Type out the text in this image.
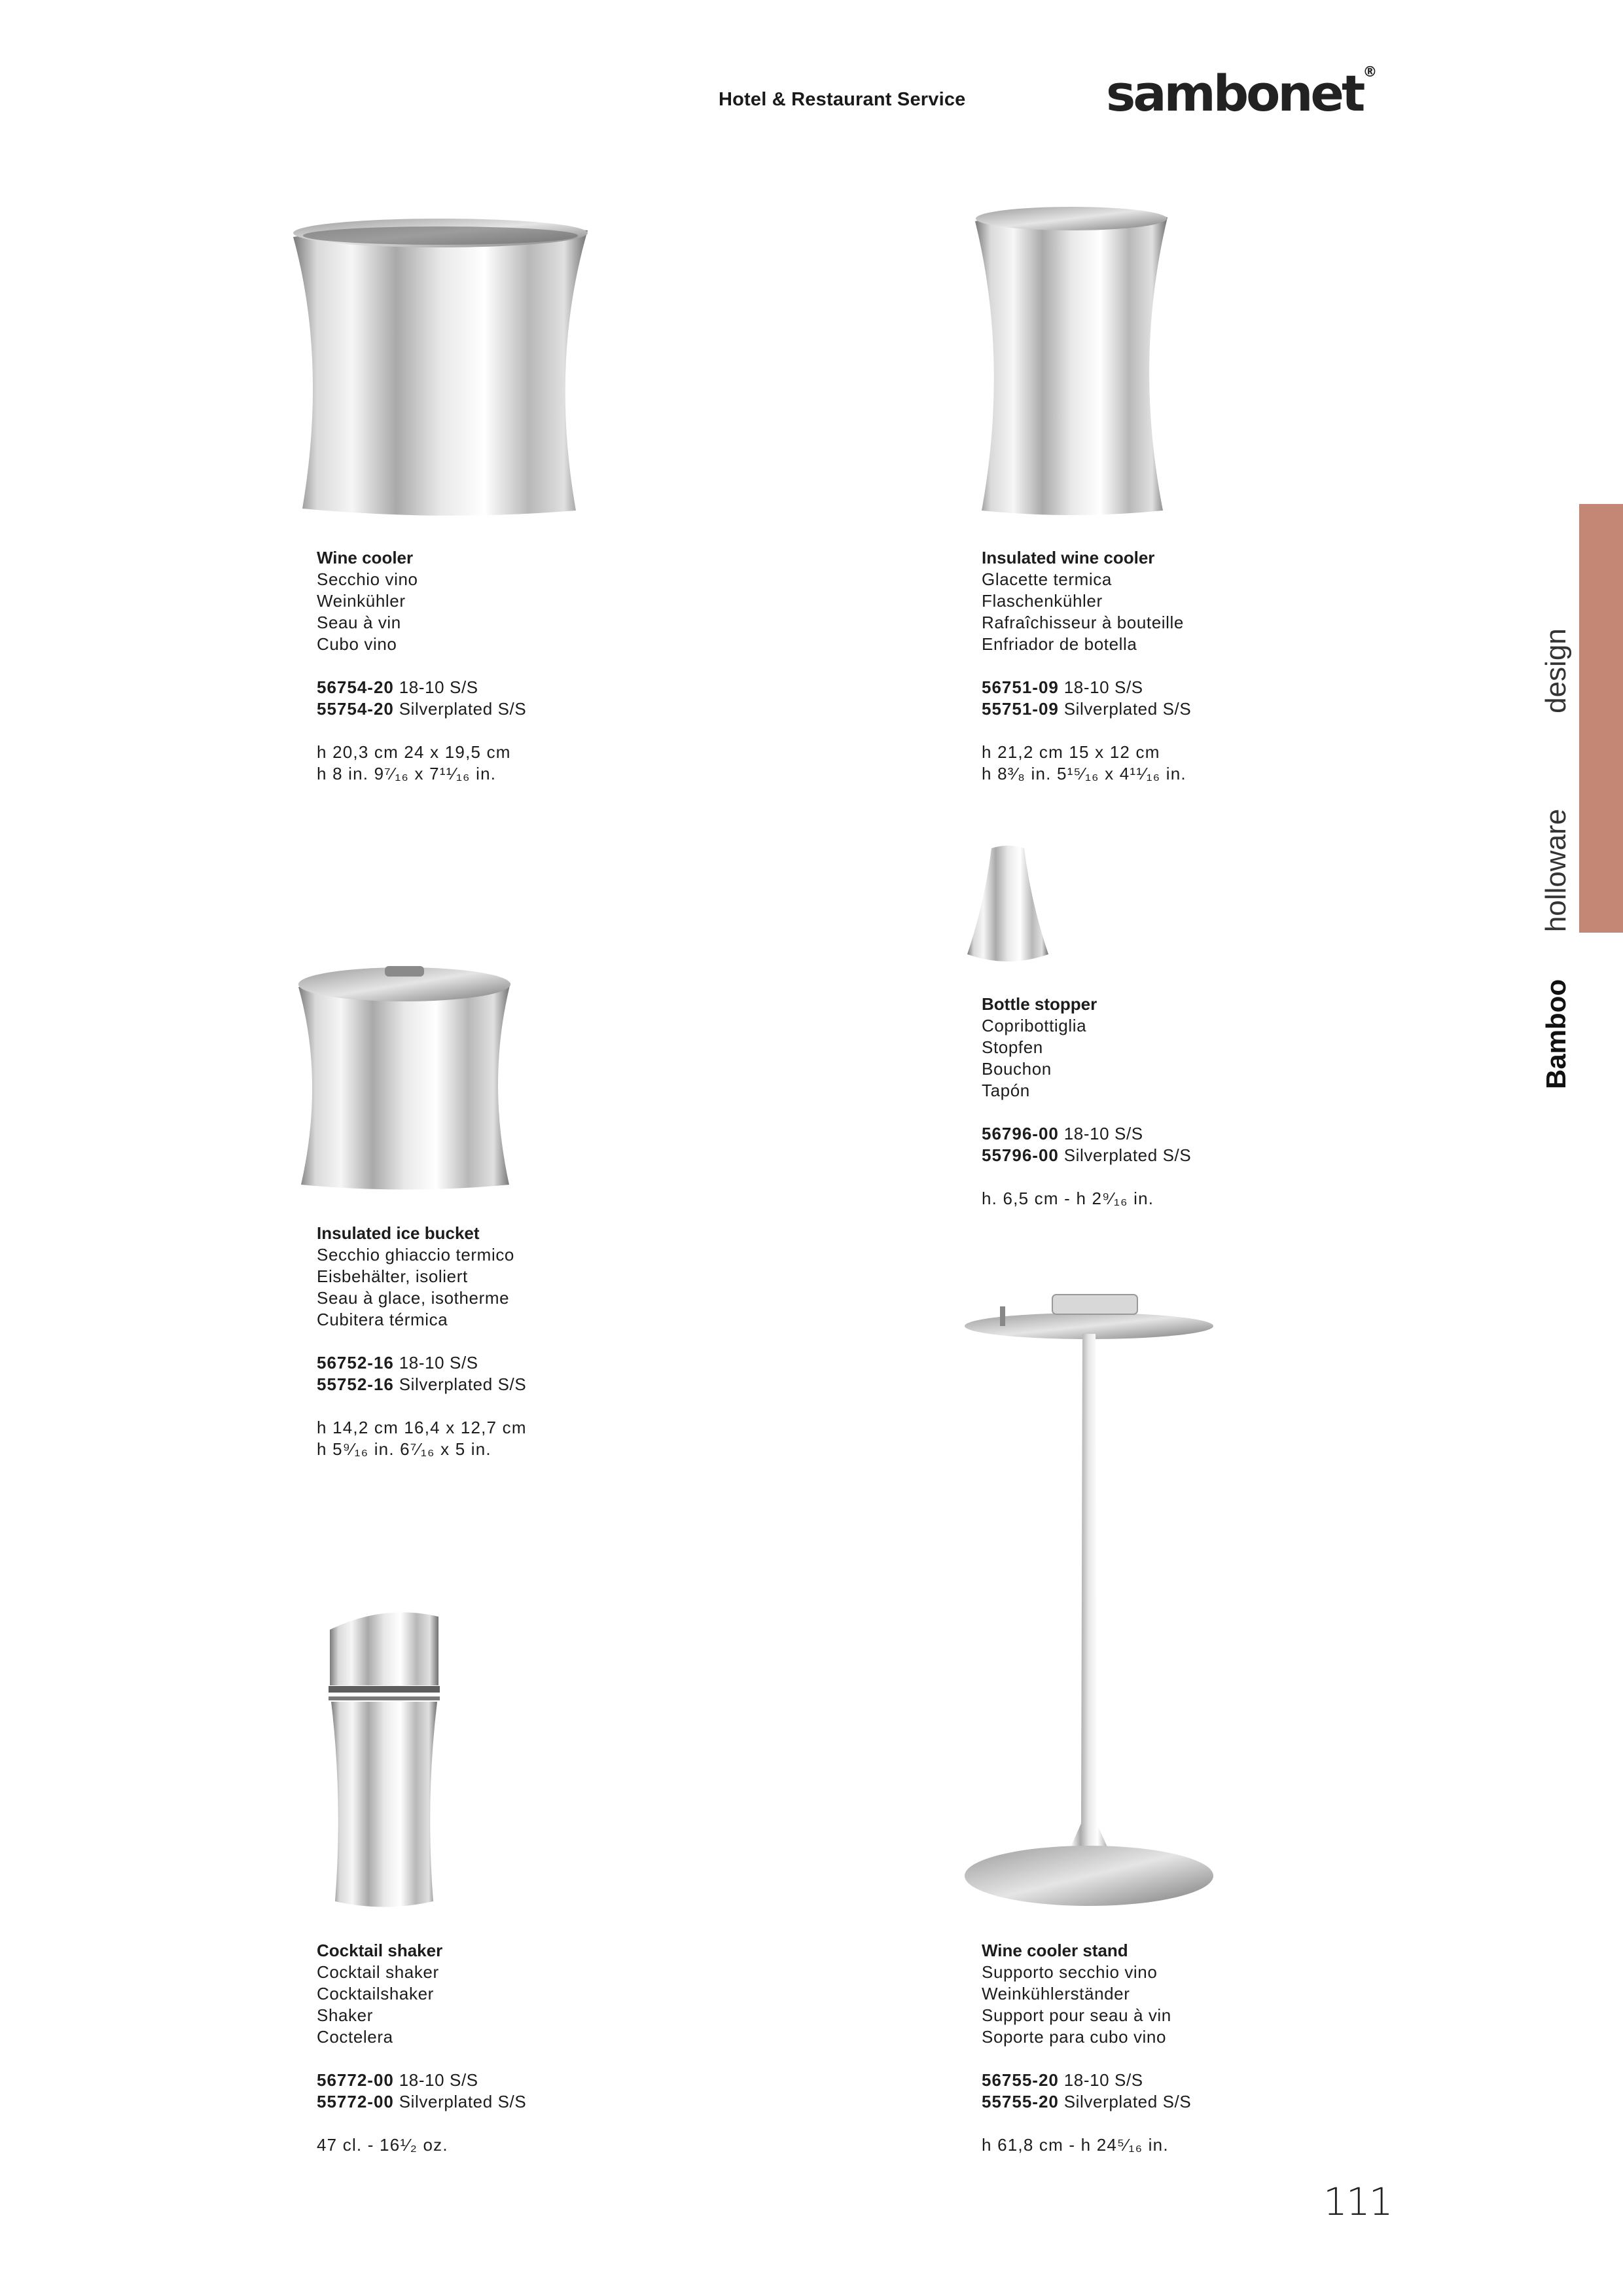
Hotel & Restaurant Service	sambonet®
design
holloware
Bamboo
Wine cooler
Secchio vino
Weinkühler
Seau à vin
Cubo vino
56754-20 18-10 S/S
55754-20 Silverplated S/S
h 20,3 cm 24 x 19,5 cm
h 8 in. 9⁷⁄₁₆ x 7¹¹⁄₁₆ in.
Insulated wine cooler
Glacette termica
Flaschenkühler
Rafraîchisseur à bouteille
Enfriador de botella
56751-09 18-10 S/S
55751-09 Silverplated S/S
h 21,2 cm 15 x 12 cm
h 8³⁄₈ in. 5¹⁵⁄₁₆ x 4¹¹⁄₁₆ in.
Bottle stopper
Copribottiglia
Stopfen
Bouchon
Tapón
56796-00 18-10 S/S
55796-00 Silverplated S/S
h. 6,5 cm - h 2⁹⁄₁₆ in.
Insulated ice bucket
Secchio ghiaccio termico
Eisbehälter, isoliert
Seau à glace, isotherme
Cubitera térmica
56752-16 18-10 S/S
55752-16 Silverplated S/S
h 14,2 cm 16,4 x 12,7 cm
h 5⁹⁄₁₆ in. 6⁷⁄₁₆ x 5 in.
Cocktail shaker
Cocktail shaker
Cocktailshaker
Shaker
Coctelera
56772-00 18-10 S/S
55772-00 Silverplated S/S
47 cl. - 16¹⁄₂ oz.
Wine cooler stand
Supporto secchio vino
Weinkühlerständer
Support pour seau à vin
Soporte para cubo vino
56755-20 18-10 S/S
55755-20 Silverplated S/S
h 61,8 cm - h 24⁵⁄₁₆ in.
111
